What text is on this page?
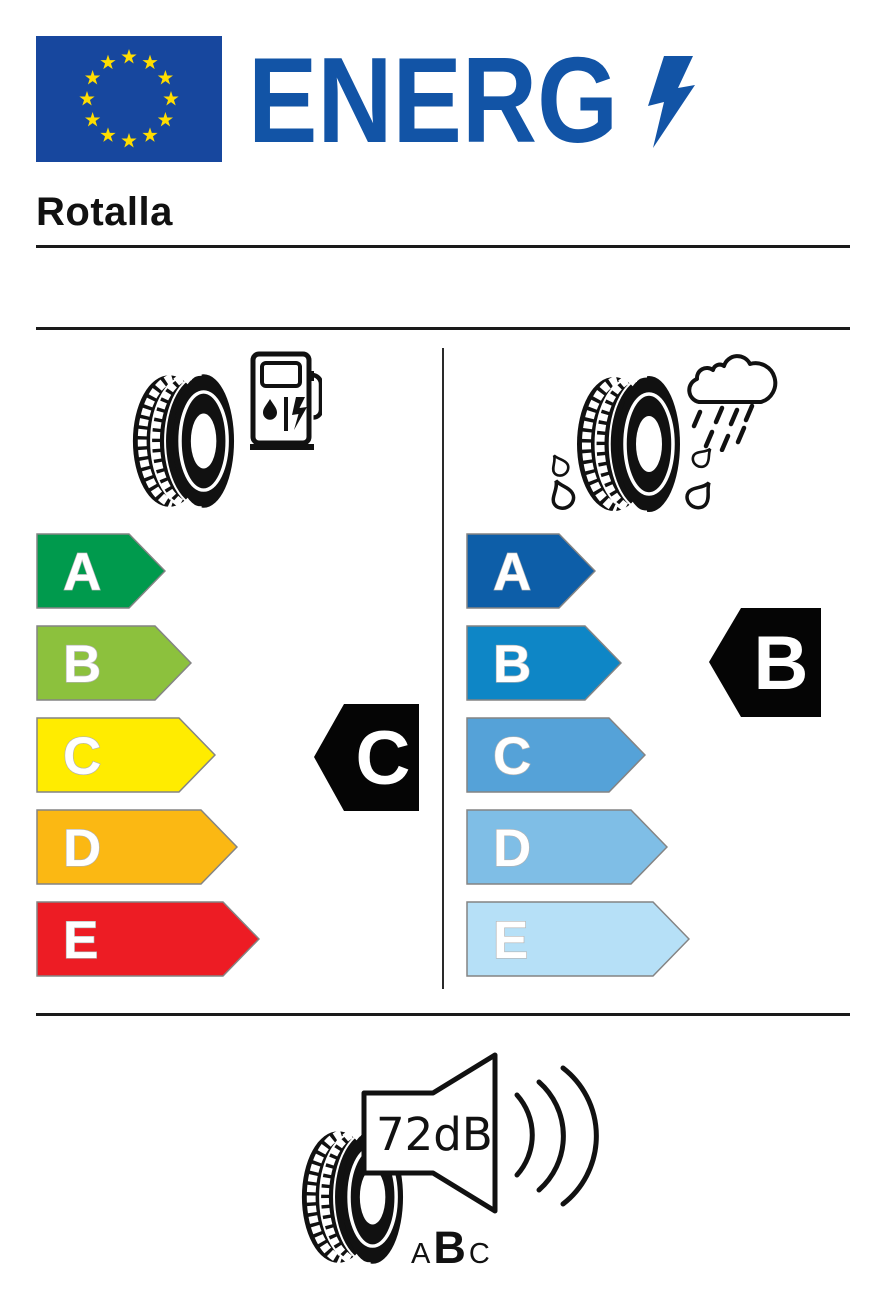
ENERG
Rotalla
A
B
C
D
E
C
A
B
C
D
E
B
72dB
A B C
